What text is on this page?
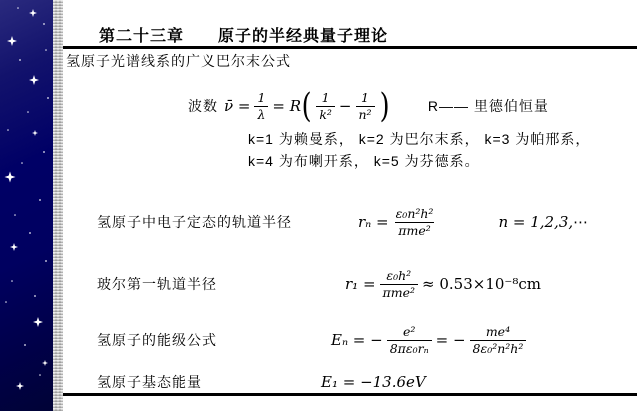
第二十三章　　原子的半经典量子理论
氢原子光谱线系的广义巴尔末公式
波数 ν̄ = $\frac{1}{\lambda} = R$ ( $\frac{1}{\text{k²}} - \frac{1}{\text{n²}}$ )	R—— 里德伯恒量
k=1 为赖曼系， k=2 为巴尔末系， k=3 为帕邢系，
k=4 为布喇开系， k=5 为芬德系。
氢原子中电子定态的轨道半径	$r_n = \frac{\text{ε₀n²h²}}{\text{πme²}}$	n = 1,2,3,⋯
玻尔第一轨道半径	$r_1 = \frac{\text{ε₀h²}}{\text{πme²}} \approx 0.53\times 10^{-8}cm$
氢原子的能级公式	Eₙ = − $\frac{\text{e²}}{\text{8πε₀rₙ}}$ = − $\frac{\text{me⁴}}{\text{8ε₀²n²h²}}$
氢原子基态能量	E₁ = −13.6eV
